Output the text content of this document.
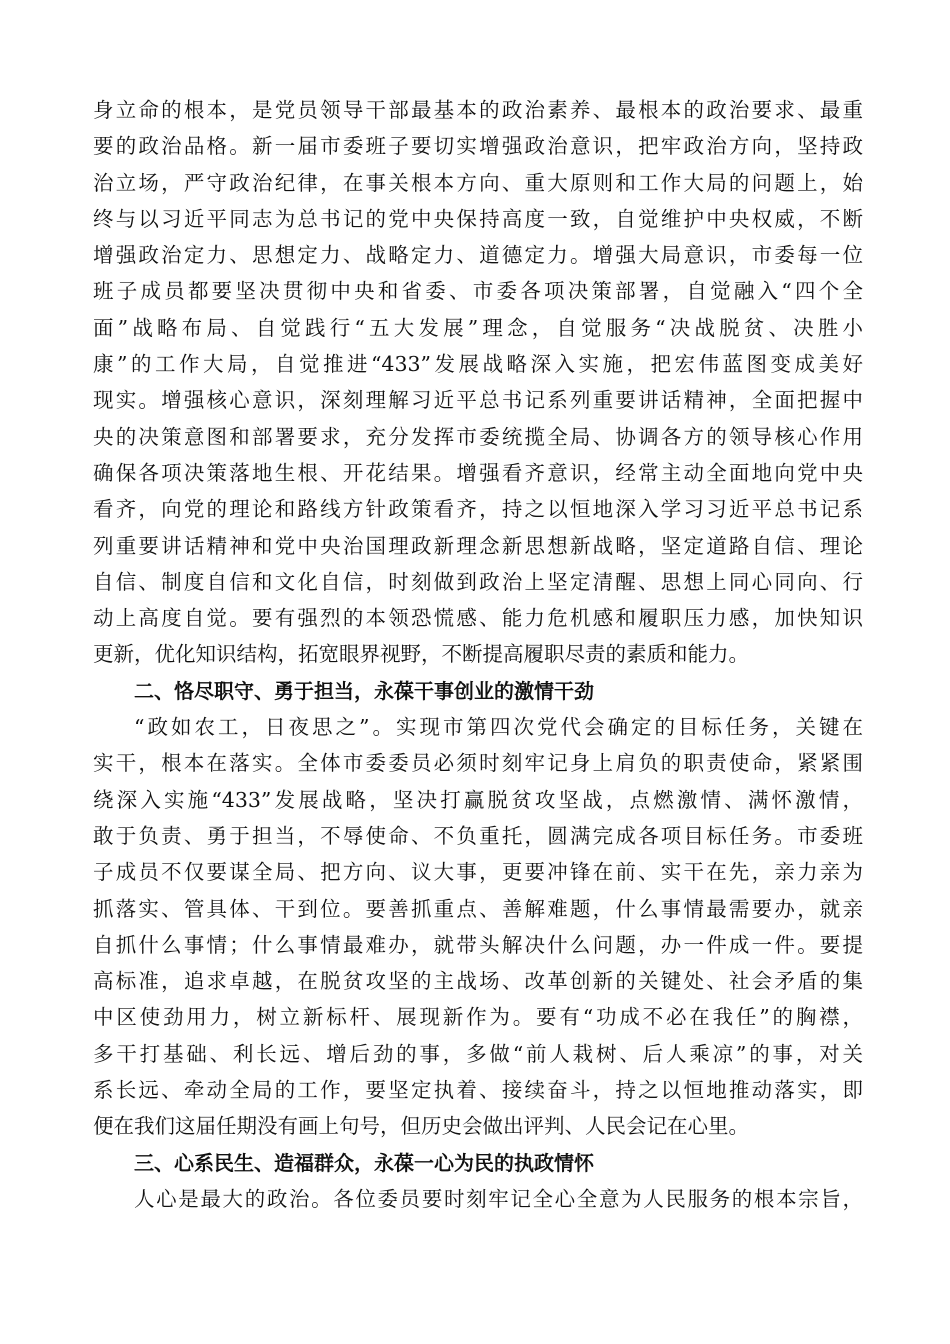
身立命的根本，是党员领导干部最基本的政治素养、最根本的政治要求、最重
要的政治品格。新一届市委班子要切实增强政治意识，把牢政治方向，坚持政
治立场，严守政治纪律，在事关根本方向、重大原则和工作大局的问题上，始
终与以习近平同志为总书记的党中央保持高度一致，自觉维护中央权威，不断
增强政治定力、思想定力、战略定力、道德定力。增强大局意识，市委每一位
班子成员都要坚决贯彻中央和省委、市委各项决策部署，自觉融入“四个全
面”战略布局、自觉践行“五大发展”理念，自觉服务“决战脱贫、决胜小
康”的工作大局，自觉推进“433”发展战略深入实施，把宏伟蓝图变成美好
现实。增强核心意识，深刻理解习近平总书记系列重要讲话精神，全面把握中
央的决策意图和部署要求，充分发挥市委统揽全局、协调各方的领导核心作用
确保各项决策落地生根、开花结果。增强看齐意识，经常主动全面地向党中央
看齐，向党的理论和路线方针政策看齐，持之以恒地深入学习习近平总书记系
列重要讲话精神和党中央治国理政新理念新思想新战略，坚定道路自信、理论
自信、制度自信和文化自信，时刻做到政治上坚定清醒、思想上同心同向、行
动上高度自觉。要有强烈的本领恐慌感、能力危机感和履职压力感，加快知识
更新，优化知识结构，拓宽眼界视野，不断提高履职尽责的素质和能力。
二、恪尽职守、勇于担当，永葆干事创业的激情干劲
“政如农工，日夜思之”。实现市第四次党代会确定的目标任务，关键在
实干，根本在落实。全体市委委员必须时刻牢记身上肩负的职责使命，紧紧围
绕深入实施“433”发展战略，坚决打赢脱贫攻坚战，点燃激情、满怀激情，
敢于负责、勇于担当，不辱使命、不负重托，圆满完成各项目标任务。市委班
子成员不仅要谋全局、把方向、议大事，更要冲锋在前、实干在先，亲力亲为
抓落实、管具体、干到位。要善抓重点、善解难题，什么事情最需要办，就亲
自抓什么事情；什么事情最难办，就带头解决什么问题，办一件成一件。要提
高标准，追求卓越，在脱贫攻坚的主战场、改革创新的关键处、社会矛盾的集
中区使劲用力，树立新标杆、展现新作为。要有“功成不必在我任”的胸襟，
多干打基础、利长远、增后劲的事，多做“前人栽树、后人乘凉”的事，对关
系长远、牵动全局的工作，要坚定执着、接续奋斗，持之以恒地推动落实，即
便在我们这届任期没有画上句号，但历史会做出评判、人民会记在心里。
三、心系民生、造福群众，永葆一心为民的执政情怀
人心是最大的政治。各位委员要时刻牢记全心全意为人民服务的根本宗旨，
